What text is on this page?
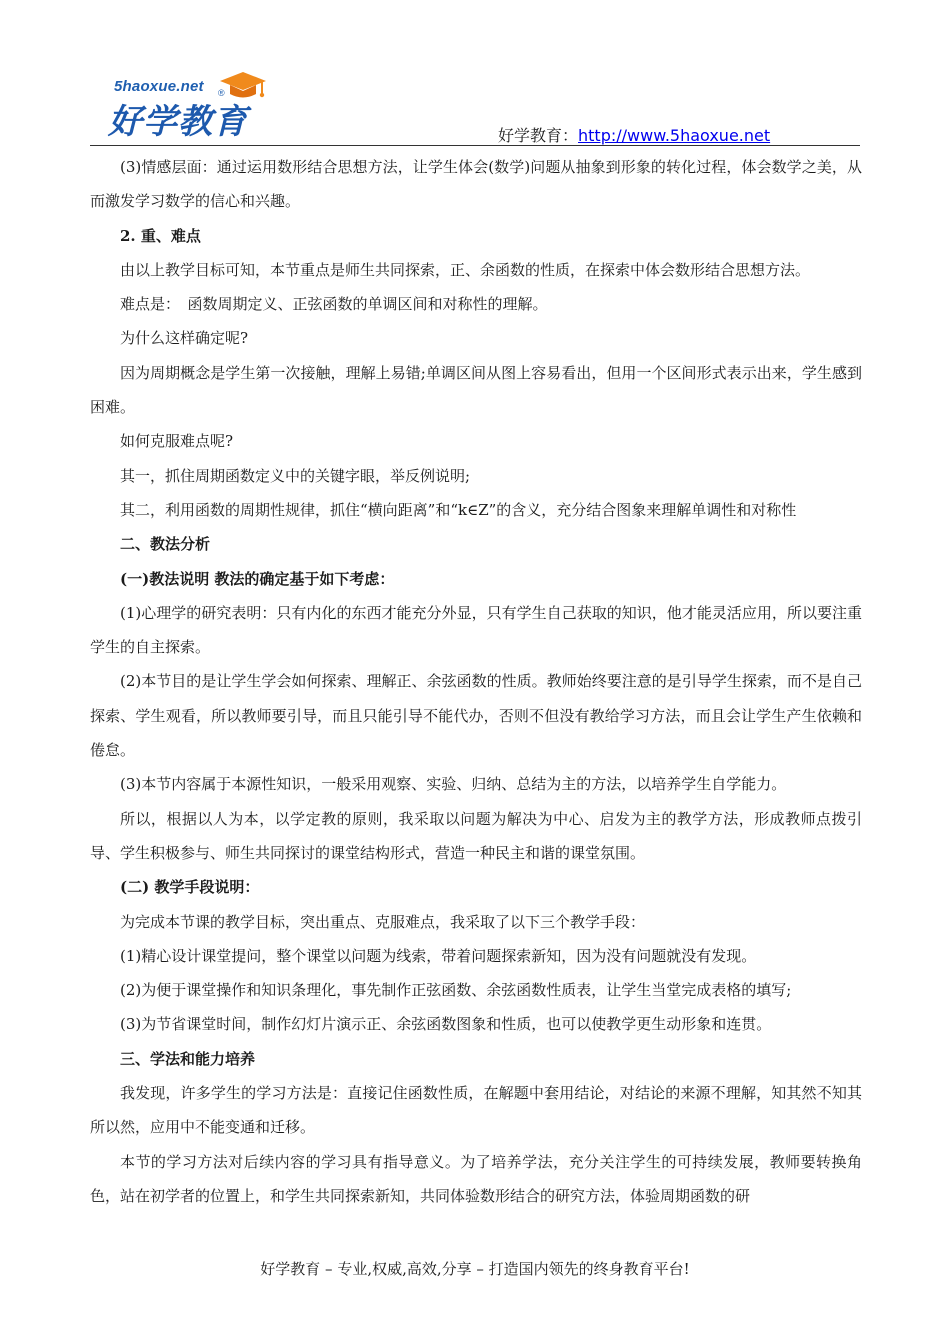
5haoxue.net ®
好学教育	好学教育：http://www.5haoxue.net

(3)情感层面：通过运用数形结合思想方法，让学生体会(数学)问题从抽象到形象的转化过程，体会数学之美，从而激发学习数学的信心和兴趣。

2. 重、难点

由以上教学目标可知，本节重点是师生共同探索，正、余函数的性质，在探索中体会数形结合思想方法。

难点是：　函数周期定义、正弦函数的单调区间和对称性的理解。

为什么这样确定呢?

因为周期概念是学生第一次接触，理解上易错;单调区间从图上容易看出，但用一个区间形式表示出来，学生感到困难。

如何克服难点呢?

其一，抓住周期函数定义中的关键字眼，举反例说明;

其二，利用函数的周期性规律，抓住“横向距离”和“k∈Z”的含义，充分结合图象来理解单调性和对称性

二、教法分析

(一)教法说明 教法的确定基于如下考虑：

(1)心理学的研究表明：只有内化的东西才能充分外显，只有学生自己获取的知识，他才能灵活应用，所以要注重学生的自主探索。

(2)本节目的是让学生学会如何探索、理解正、余弦函数的性质。教师始终要注意的是引导学生探索，而不是自己探索、学生观看，所以教师要引导，而且只能引导不能代办，否则不但没有教给学习方法，而且会让学生产生依赖和倦怠。

(3)本节内容属于本源性知识，一般采用观察、实验、归纳、总结为主的方法，以培养学生自学能力。

所以，根据以人为本，以学定教的原则，我采取以问题为解决为中心、启发为主的教学方法，形成教师点拨引导、学生积极参与、师生共同探讨的课堂结构形式，营造一种民主和谐的课堂氛围。

(二) 教学手段说明：

为完成本节课的教学目标，突出重点、克服难点，我采取了以下三个教学手段：

(1)精心设计课堂提问，整个课堂以问题为线索，带着问题探索新知，因为没有问题就没有发现。

(2)为便于课堂操作和知识条理化，事先制作正弦函数、余弦函数性质表，让学生当堂完成表格的填写;

(3)为节省课堂时间，制作幻灯片演示正、余弦函数图象和性质，也可以使教学更生动形象和连贯。

三、学法和能力培养

我发现，许多学生的学习方法是：直接记住函数性质，在解题中套用结论，对结论的来源不理解，知其然不知其所以然，应用中不能变通和迁移。

本节的学习方法对后续内容的学习具有指导意义。为了培养学法，充分关注学生的可持续发展，教师要转换角色，站在初学者的位置上，和学生共同探索新知，共同体验数形结合的研究方法，体验周期函数的研

好学教育 – 专业,权威,高效,分享 – 打造国内领先的终身教育平台!
